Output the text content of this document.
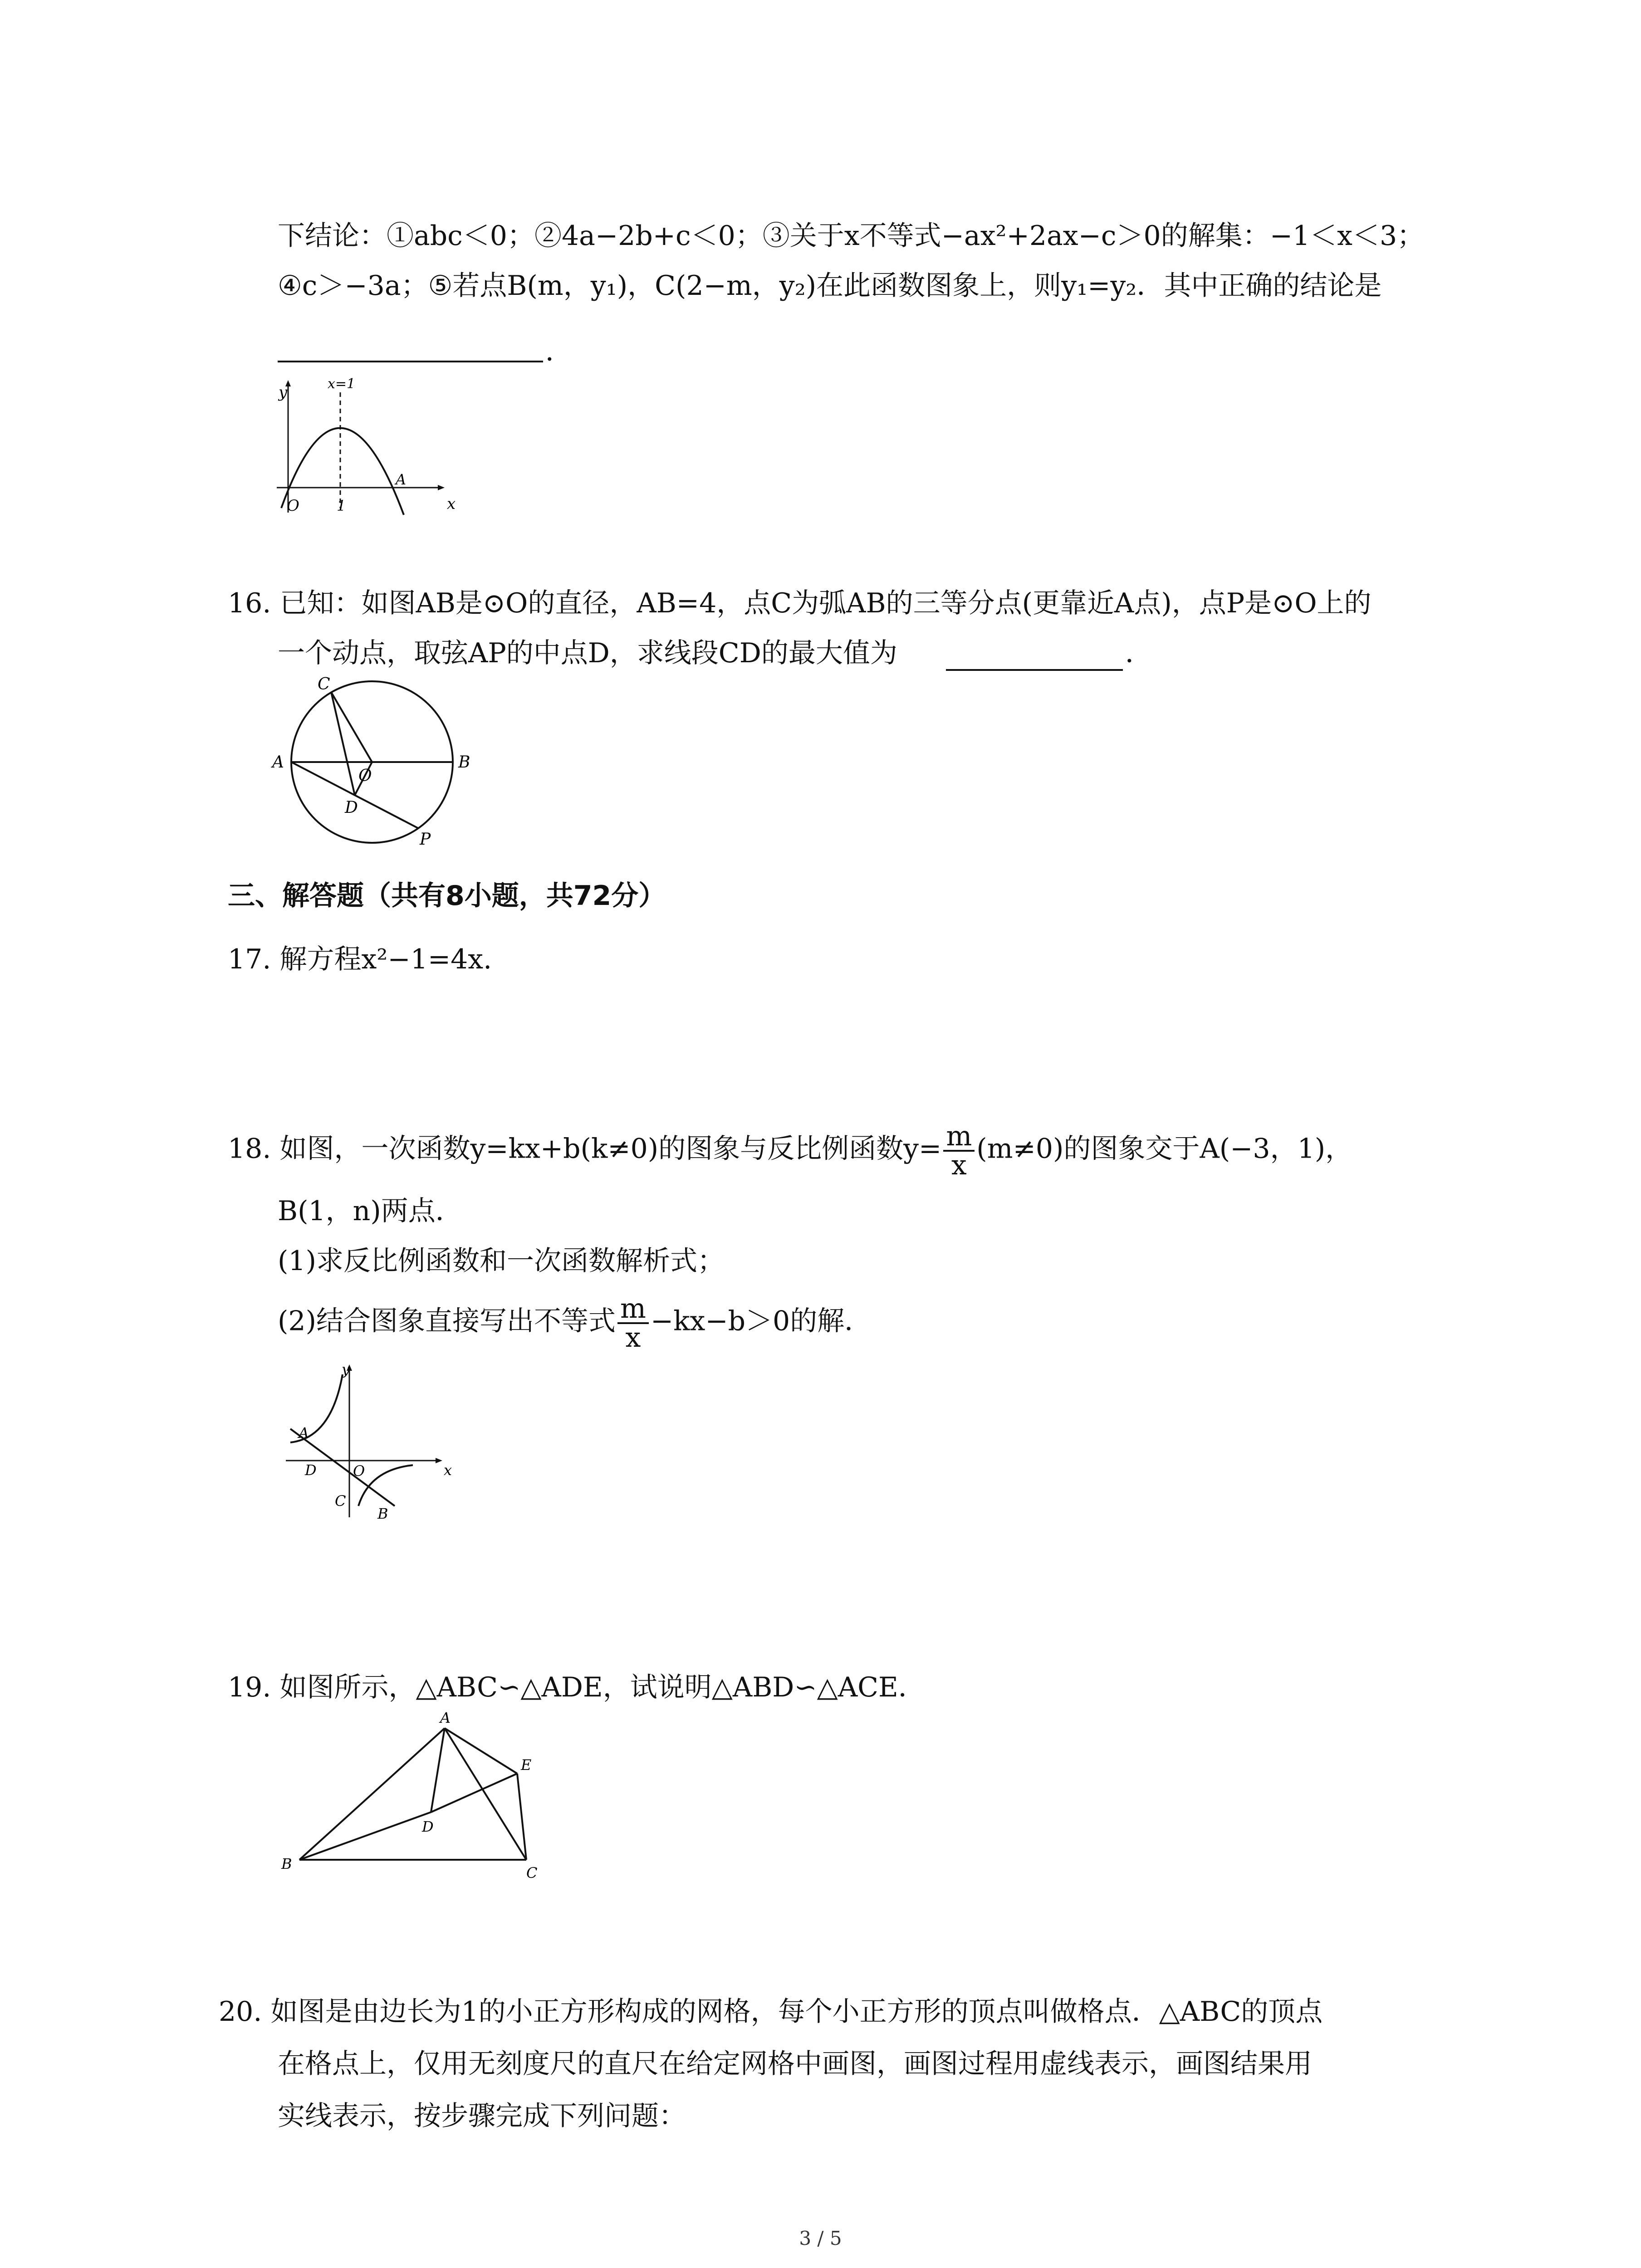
下结论：①abc＜0；②4a−2b+c＜0；③关于x不等式−ax²+2ax−c＞0的解集：−1＜x＜3；
④c＞−3a；⑤若点B(m，y₁)，C(2−m，y₂)在此函数图象上，则y₁=y₂．其中正确的结论是
．
y
x
O	1
x=1
A
16. 已知：如图AB是⊙O的直径，AB=4，点C为弧AB的三等分点(更靠近A点)，点P是⊙O上的
一个动点，取弦AP的中点D，求线段CD的最大值为	．
A	B
C
O
D
P
三、解答题（共有8小题，共72分）
17. 解方程x²−1=4x.
18. 如图，一次函数y=kx+b(k≠0)的图象与反比例函数$y= \frac{m}{x} (m\ne 0)$的图象交于A(−3，1)，
B(1，n)两点．
(1)求反比例函数和一次函数解析式；
(2)结合图象直接写出不等式 $\frac{m}{x} -kx-b>0$的解．
y
x
A
B
C
D	O
19. 如图所示，△ABC∽△ADE，试说明△ABD∽△ACE．
A
B
C
D
E
20. 如图是由边长为1的小正方形构成的网格，每个小正方形的顶点叫做格点．△ABC的顶点
在格点上，仅用无刻度尺的直尺在给定网格中画图，画图过程用虚线表示，画图结果用
实线表示，按步骤完成下列问题：
3 / 5
